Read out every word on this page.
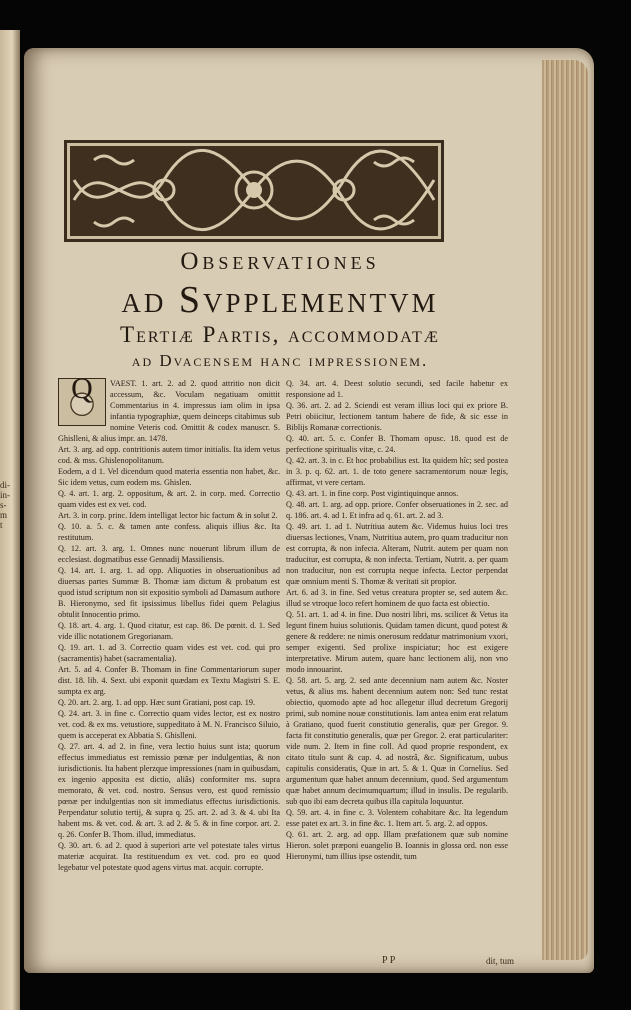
di-
in-
s-
m
t
Observationes
ad Svpplementvm
Tertiæ Partis, accommodatæ
ad Dvacensem hanc impressionem.
Q	VAEST. 1. art. 2. ad 2. quod attritio non dicit accessum, &c. Voculam negatiuam omittit Commentarius in 4. impressus iam olim in ipsa infantia typographiæ, quem deinceps citabimus sub nomine Veteris cod. Omittit & codex manuscr. S. Ghislleni, & alius impr. an. 1478.

Art. 3. arg. ad opp. contritionis autem timor initialis. Ita idem vetus cod. & mss. Ghislenopolitanum.

Eodem, a d 1. Vel dicendum quod materia essentia non habet, &c. Sic idem vetus, cum eodem ms. Ghislen.

Q. 4. art. 1. arg. 2. oppositum, & art. 2. in corp. med. Correctio quam vides est ex vet. cod.

Art. 3. in corp. princ. Idem intelligat lector hic factum & in solut 2.

Q. 10. a. 5. c. & tamen ante confess. aliquis illius &c. Ita restitutum.

Q. 12. art. 3. arg. 1. Omnes nunc nouerunt librum illum de ecclesiast. dogmatibus esse Gennadij Massiliensis.

Q. 14. art. 1. arg. 1. ad opp. Aliquoties in obseruationibus ad diuersas partes Summæ B. Thomæ iam dictum & probatum est quod istud scriptum non sit expositio symboli ad Damasum authore B. Hieronymo, sed fit ipsissimus libellus fidei quem Pelagius obtulit Innocentio primo.

Q. 18. art. 4. arg. 1. Quod citatur, est cap. 86. De pœnit. d. 1. Sed vide illic notationem Gregorianam.

Q. 19. art. 1. ad 3. Correctio quam vides est vet. cod. qui pro (sacramentis) habet (sacramentalia).

Art. 5. ad 4. Confer B. Thomam in fine Commentariorum super dist. 18. lib. 4. Sext. ubi exponit quædam ex Textu Magistri S. E. sumpta ex arg.

Q. 20. art. 2. arg. 1. ad opp. Hæc sunt Gratiani, post cap. 19.

Q. 24. art. 3. in fine c. Correctio quam vides lector, est ex nostro vet. cod. & ex ms. vetustiore, suppeditato à M. N. Francisco Siluio, quem is acceperat ex Abbatia S. Ghislleni.

Q. 27. art. 4. ad 2. in fine, vera lectio huius sunt ista; quorum effectus immediatus est remissio pœnæ per indulgentias, & non iurisdictionis. Ita habent plerzque impressiones (nam in quibusdam, ex ingenio apposita est dictio, aliâs) conformiter ms. supra memorato, & vet. cod. nostro. Sensus vero, est quod remissio pœnæ per indulgentias non sit immediatus effectus iurisdictionis. Perpendatur solutio tertij, & supra q. 25. art. 2. ad 3. & 4. ubi Ita habent ms. & vet. cod. & art. 3. ad 2. & 5. & in fine corpor. art. 2. q. 26. Confer B. Thom. illud, immediatus.

Q. 30. art. 6. ad 2. quod à superiori arte vel potestate tales virtus materiæ acquirat. Ita restituendum ex vet. cod. pro eo quod legebatur vel potestate quod agens virtus mat. acquir. corrupte.

Q. 34. art. 4. Deest solutio secundi, sed facile habetur ex responsione ad 1.

Q. 36. art. 2. ad 2. Sciendi est veram illius loci qui ex priore B. Petri obiicitur, lectionem tantum habere de fide, & sic esse in Biblijs Romanæ correctionis.

Q. 40. art. 5. c. Confer B. Thomam opusc. 18. quod est de perfectione spiritualis vitæ, c. 24.

Q. 42. art. 3. in c. Et hoc probabilius est. Ita quidem hîc; sed postea in 3. p. q. 62. art. 1. de toto genere sacramentorum nouæ legis, affirmat, vt vere certam.

Q. 43. art. 1. in fine corp. Post vigintiquinque annos.

Q. 48. art. 1. arg. ad opp. priore. Confer obseruationes in 2. sec. ad q. 186. art. 4. ad 1. Et infra ad q. 61. art. 2. ad 3.

Q. 49. art. 1. ad 1. Nutritiua autem &c. Videmus huius loci tres diuersas lectiones, Vnam, Nutritiua autem, pro quam traducitur non est corrupta, & non infecta. Alteram, Nutrit. autem per quam non traducitur, est corrupta, & non infecta. Tertiam, Nutrit. a. per quam non traducitur, non est corrupta neque infecta. Lector perpendat quæ omnium menti S. Thomæ & veritati sit propior.

Art. 6. ad 3. in fine. Sed vetus creatura propter se, sed autem &c. illud se vtroque loco refert hominem de quo facta est obiectio.

Q. 51. art. 1. ad 4. in fine. Duo nostri libri, ms. scilicet & Vetus ita legunt finem huius solutionis. Quidam tamen dicunt, quod potest & genere & reddere: ne nimis onerosum reddatur matrimonium vxori, semper exigenti. Sed prolixe inspiciatur; hoc est exigere interpretative. Mirum autem, quare hanc lectionem alij, non vno modo innouarint.

Q. 58. art. 5. arg. 2. sed ante decennium nam autem &c. Noster vetus, & alius ms. habent decennium autem non: Sed tunc restat obiectio, quomodo apte ad hoc allegetur illud decretum Gregorij primi, sub nomine nouæ constitutionis. Iam antea enim erat relatum à Gratiano, quod fuerit constitutio generalis, quæ per Gregor. 9. facta fit constitutio generalis, quæ per Gregor. 2. erat particulariter: vide num. 2. Item in fine coll. Ad quod proprie respondent, ex citato titulo sunt & cap. 4. ad nostrâ, &c. Significatum, uubus capitulis consideratis, Quæ in art. 5. & 1. Quæ in Cornelius. Sed argumentum quæ habet annum decennium, quod. Sed argumentum quæ habet annum decimumquartum; illud in insulis. De regularib. sub quo ibi eam decreta quibus illa capitula loquuntur.

Q. 59. art. 4. in fine c. 3. Volentem cohabitare &c. Ita legendum esse patet ex art. 3. in fine &c. 1. Item art. 5. arg. 2. ad oppos.

Q. 61. art. 2. arg. ad opp. Illam præfationem quæ sub nomine Hieron. solet præponi euangelio B. Ioannis in glossa ord. non esse Hieronymi, tum illius ipse ostendit, tum

P P	dit, tum
